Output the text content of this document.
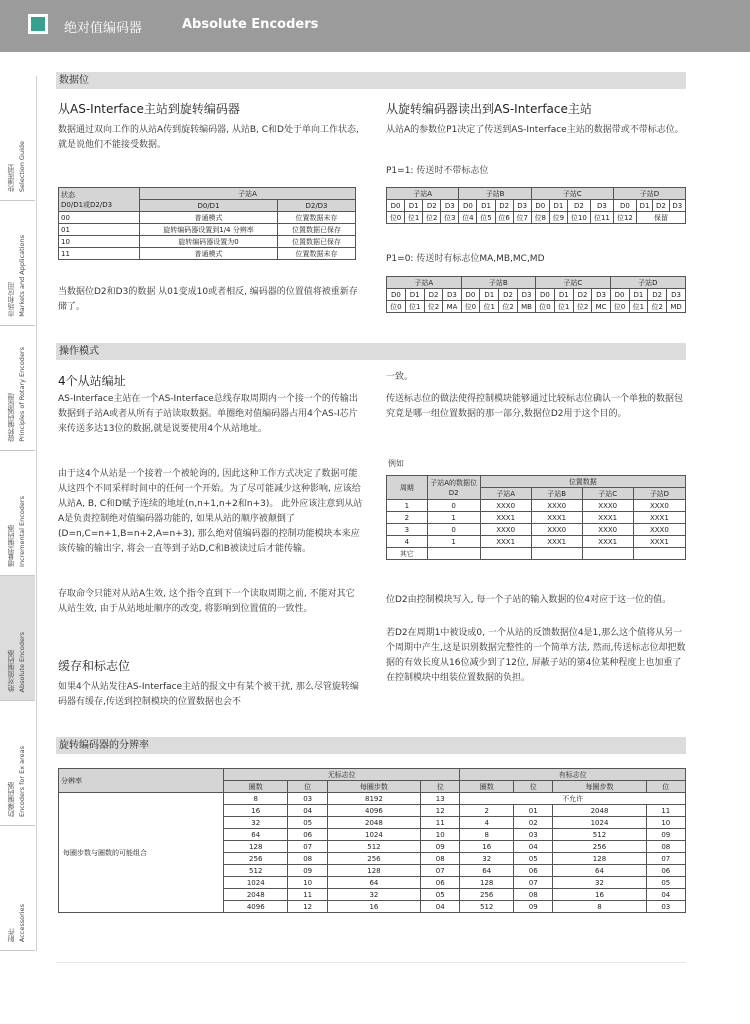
绝对值编码器	Absolute Encoders
快速选型 Selection Guide
市场和应用 Markets and Applications
旋转编码器原理 Principles of Rotary Encoders
增量型编码器 Incremental Encoders
绝对值编码器 Absolute Encoders
防爆编码器 Encoders for Ex areas
附件 Accessories
数据位
从AS-Interface主站到旋转编码器
数据通过双向工作的从站A传到旋转编码器, 从站B, C和D处于单向工作状态, 就是说他们不能接受数据。
状态
D0/D1或D2/D3	子站A	
	D0/D1	D2/D3
00	普通模式	位置数据未存
01	旋转编码器设置到1/4 分辨率	位置数据已保存
10	旋转编码器设置为0	位置数据已保存
11	普通模式	位置数据未存
当数据位D2和D3的数据 从01变成10或者相反, 编码器的位置值将被重新存储了。
从旋转编码器读出到AS-Interface主站
从站A的参数位P1决定了传送到AS-Interface主站的数据带或不带标志位。
P1=1: 传送时不带标志位
子站A				子站B				子站C				子站D			
D0	D1	D2	D3	D0	D1	D2	D3	D0	D1	D2	D3	D0	D1	D2	D3
位0	位1	位2	位3	位4	位5	位6	位7	位8	位9	位10	位11	位12	保留		
P1=0: 传送时有标志位MA,MB,MC,MD
子站A				子站B				子站C				子站D			
D0	D1	D2	D3	D0	D1	D2	D3	D0	D1	D2	D3	D0	D1	D2	D3
位0	位1	位2	MA	位0	位1	位2	MB	位0	位1	位2	MC	位0	位1	位2	MD
操作模式
4个从站编址
AS-Interface主站在一个AS-Interface总线存取周期内一个接一个的传输出数据到子站A或者从所有子站读取数据。单圈绝对值编码器占用4个AS-I芯片来传送多达13位的数据,就是说要使用4个从站地址。
由于这4个从站是一个接着一个被轮询的, 因此这种工作方式决定了数据可能从这四个不同采样时间中的任何一个开始。为了尽可能减少这种影响, 应该给从站A, B, C和D赋予连续的地址(n,n+1,n+2和n+3)。 此外应该注意到从站A是负责控制绝对值编码器功能的, 如果从站的顺序被颠倒了(D=n,C=n+1,B=n+2,A=n+3), 那么绝对值编码器的控制功能模块本来应该传输的输出字, 将会一直等到子站D,C和B被读过后才能传输。
存取命令只能对从站A生效, 这个指令直到下一个读取周期之前, 不能对其它从站生效, 由于从站地址顺序的改变, 将影响到位置值的一致性。
缓存和标志位
如果4个从站发往AS-Interface主站的报文中有某个被干扰, 那么尽管旋转编码器有缓存,传送到控制模块的位置数据也会不
一致。
传送标志位的做法使得控制模块能够通过比较标志位确认一个单独的数据包究竟是哪一组位置数据的那一部分,数据位D2用于这个目的。
例如
周期	子站A的数据位D2	位置数据			
		子站A	子站B	子站C	子站D
1	0	XXX0	XXX0	XXX0	XXX0
2	1	XXX1	XXX1	XXX1	XXX1
3	0	XXX0	XXX0	XXX0	XXX0
4	1	XXX1	XXX1	XXX1	XXX1
其它					
位D2由控制模块写入, 每一个子站的输入数据的位4对应于这一位的值。
若D2在周期1中被设成0, 一个从站的反馈数据位4是1,那么这个值将从另一个周期中产生,这是识别数据完整性的一个简单方法, 然而,传送标志位却把数据的有效长度从16位减少到了12位, 屏蔽子站的第4位某种程度上也加重了在控制模块中组装位置数据的负担。
旋转编码器的分辨率
分辨率	无标志位				有标志位			
	圈数	位	每圈步数	位	圈数	位	每圈步数	位
每圈步数与圈数的可能组合	8	03	8192	13	不允许			
	16	04	4096	12	2	01	2048	11
	32	05	2048	11	4	02	1024	10
	64	06	1024	10	8	03	512	09
	128	07	512	09	16	04	256	08
	256	08	256	08	32	05	128	07
	512	09	128	07	64	06	64	06
	1024	10	64	06	128	07	32	05
	2048	11	32	05	256	08	16	04
	4096	12	16	04	512	09	8	03
